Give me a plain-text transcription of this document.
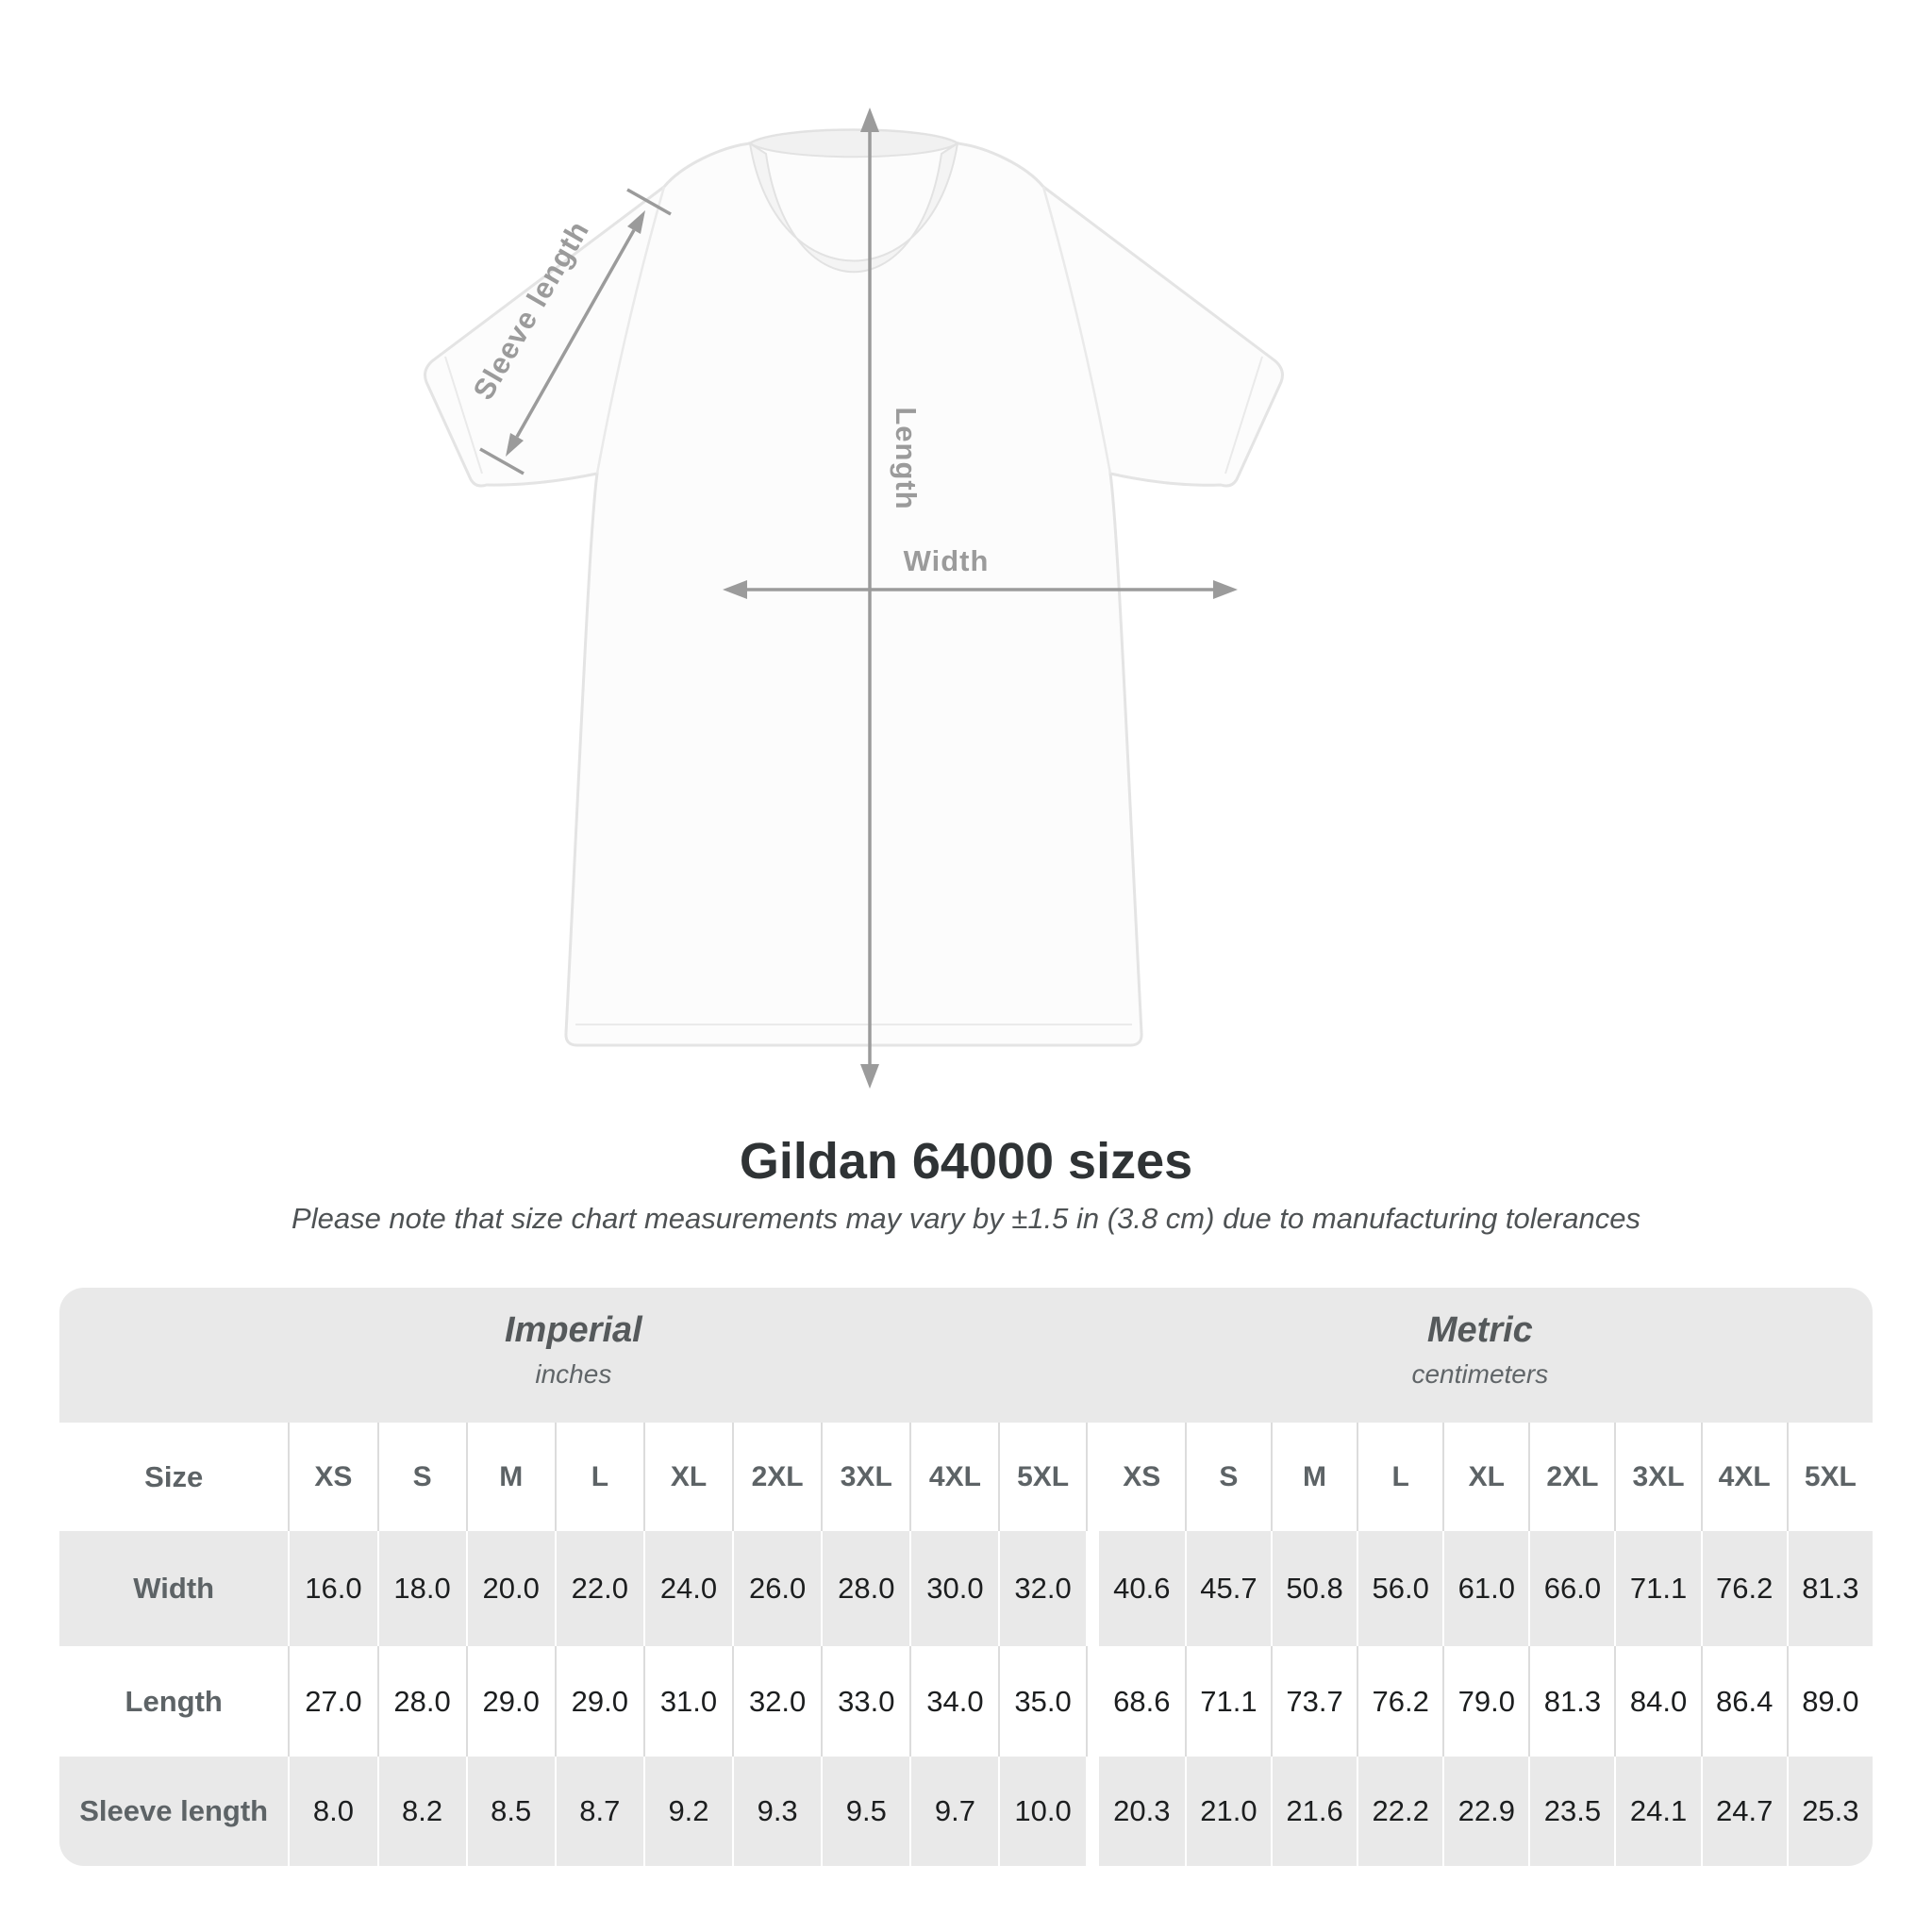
Sleeve length
Length
Width
Gildan 64000 sizes
Please note that size chart measurements may vary by ±1.5 in (3.8 cm) due to manufacturing tolerances
Imperial
inches

Metric
centimeters

Size	XS	S	M	L	XL	2XL	3XL	4XL	5XL		XS	S	M	L	XL	2XL	3XL	4XL	5XL
Width	16.0	18.0	20.0	22.0	24.0	26.0	28.0	30.0	32.0		40.6	45.7	50.8	56.0	61.0	66.0	71.1	76.2	81.3
Length	27.0	28.0	29.0	29.0	31.0	32.0	33.0	34.0	35.0		68.6	71.1	73.7	76.2	79.0	81.3	84.0	86.4	89.0
Sleeve length	8.0	8.2	8.5	8.7	9.2	9.3	9.5	9.7	10.0		20.3	21.0	21.6	22.2	22.9	23.5	24.1	24.7	25.3
